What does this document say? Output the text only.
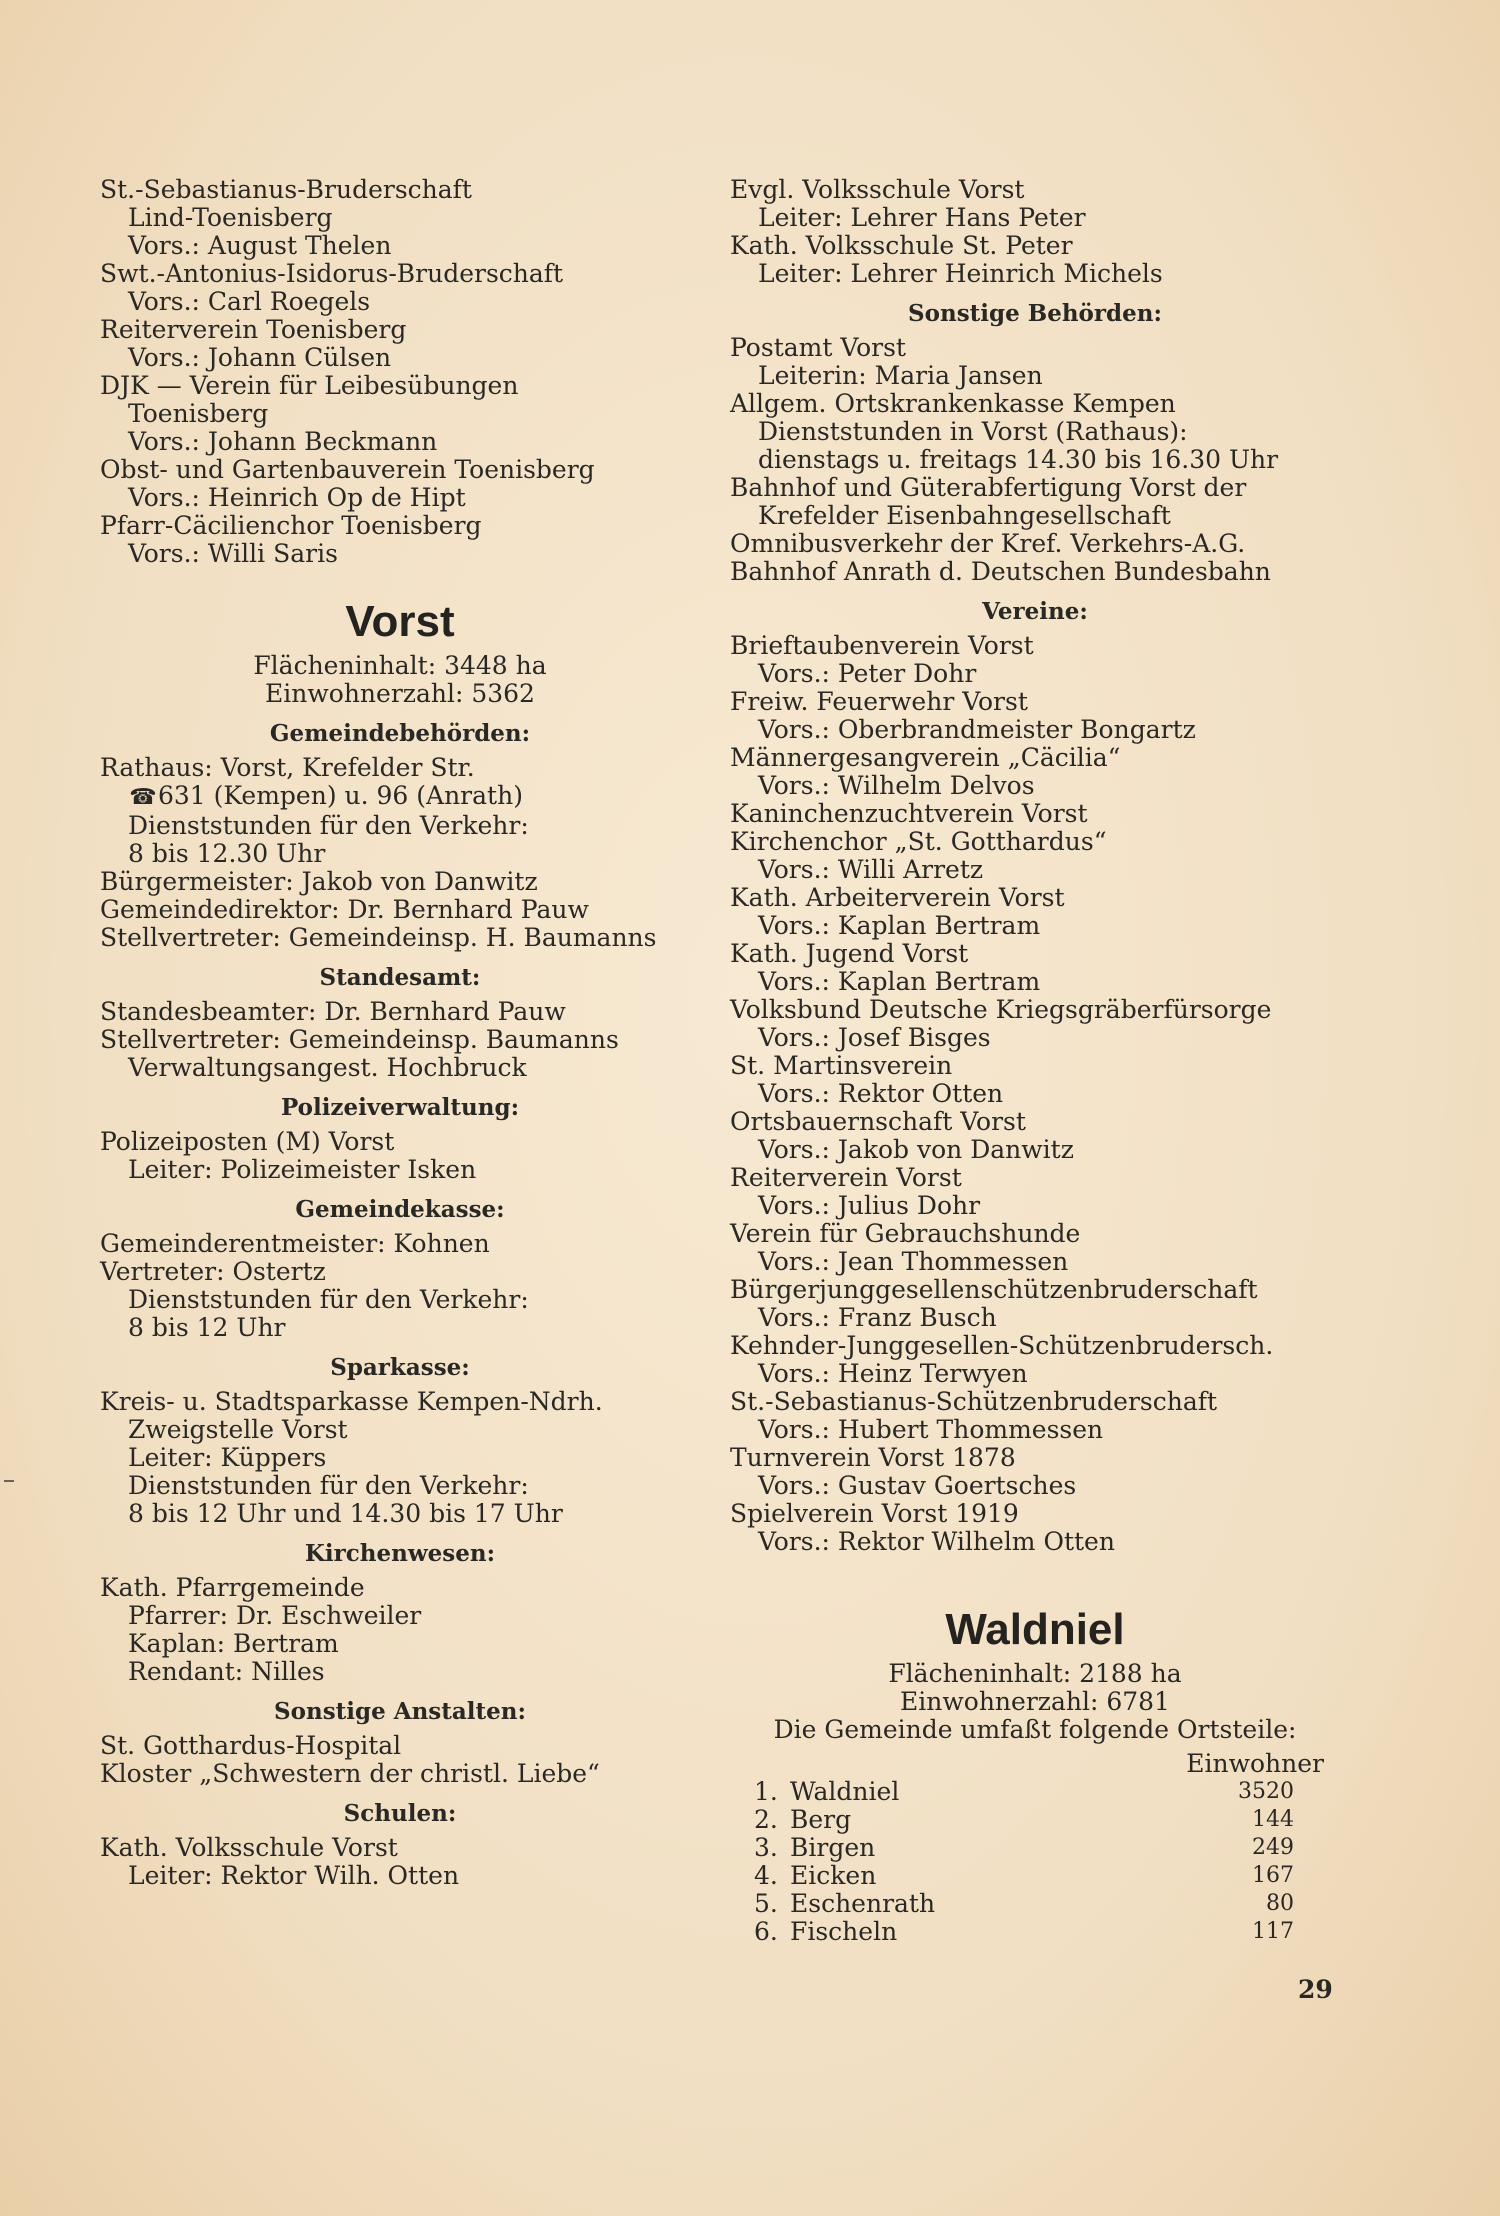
St.-Sebastianus-Bruderschaft
Lind-Toenisberg
Vors.: August Thelen
Swt.-Antonius-Isidorus-Bruderschaft
Vors.: Carl Roegels
Reiterverein Toenisberg
Vors.: Johann Cülsen
DJK — Verein für Leibesübungen
Toenisberg
Vors.: Johann Beckmann
Obst- und Gartenbauverein Toenisberg
Vors.: Heinrich Op de Hipt
Pfarr-Cäcilienchor Toenisberg
Vors.: Willi Saris
Vorst
Flächeninhalt: 3448 ha
Einwohnerzahl: 5362
Gemeindebehörden:
Rathaus: Vorst, Krefelder Str.
☎631 (Kempen) u. 96 (Anrath)
Dienststunden für den Verkehr:
8 bis 12.30 Uhr
Bürgermeister: Jakob von Danwitz
Gemeindedirektor: Dr. Bernhard Pauw
Stellvertreter: Gemeindeinsp. H. Baumanns
Standesamt:
Standesbeamter: Dr. Bernhard Pauw
Stellvertreter: Gemeindeinsp. Baumanns
Verwaltungsangest. Hochbruck
Polizeiverwaltung:
Polizeiposten (M) Vorst
Leiter: Polizeimeister Isken
Gemeindekasse:
Gemeinderentmeister: Kohnen
Vertreter: Ostertz
Dienststunden für den Verkehr:
8 bis 12 Uhr
Sparkasse:
Kreis- u. Stadtsparkasse Kempen-Ndrh.
Zweigstelle Vorst
Leiter: Küppers
Dienststunden für den Verkehr:
8 bis 12 Uhr und 14.30 bis 17 Uhr
Kirchenwesen:
Kath. Pfarrgemeinde
Pfarrer: Dr. Eschweiler
Kaplan: Bertram
Rendant: Nilles
Sonstige Anstalten:
St. Gotthardus-Hospital
Kloster „Schwestern der christl. Liebe“
Schulen:
Kath. Volksschule Vorst
Leiter: Rektor Wilh. Otten
Evgl. Volksschule Vorst
Leiter: Lehrer Hans Peter
Kath. Volksschule St. Peter
Leiter: Lehrer Heinrich Michels
Sonstige Behörden:
Postamt Vorst
Leiterin: Maria Jansen
Allgem. Ortskrankenkasse Kempen
Dienststunden in Vorst (Rathaus):
dienstags u. freitags 14.30 bis 16.30 Uhr
Bahnhof und Güterabfertigung Vorst der
Krefelder Eisenbahngesellschaft
Omnibusverkehr der Kref. Verkehrs-A.G.
Bahnhof Anrath d. Deutschen Bundesbahn
Vereine:
Brieftaubenverein Vorst
Vors.: Peter Dohr
Freiw. Feuerwehr Vorst
Vors.: Oberbrandmeister Bongartz
Männergesangverein „Cäcilia“
Vors.: Wilhelm Delvos
Kaninchenzuchtverein Vorst
Kirchenchor „St. Gotthardus“
Vors.: Willi Arretz
Kath. Arbeiterverein Vorst
Vors.: Kaplan Bertram
Kath. Jugend Vorst
Vors.: Kaplan Bertram
Volksbund Deutsche Kriegsgräberfürsorge
Vors.: Josef Bisges
St. Martinsverein
Vors.: Rektor Otten
Ortsbauernschaft Vorst
Vors.: Jakob von Danwitz
Reiterverein Vorst
Vors.: Julius Dohr
Verein für Gebrauchshunde
Vors.: Jean Thommessen
Bürgerjunggesellenschützenbruderschaft
Vors.: Franz Busch
Kehnder-Junggesellen-Schützenbrudersch.
Vors.: Heinz Terwyen
St.-Sebastianus-Schützenbruderschaft
Vors.: Hubert Thommessen
Turnverein Vorst 1878
Vors.: Gustav Goertsches
Spielverein Vorst 1919
Vors.: Rektor Wilhelm Otten
Waldniel
Flächeninhalt: 2188 ha
Einwohnerzahl: 6781
Die Gemeinde umfaßt folgende Ortsteile:
Einwohner
1. Waldniel	3520
2. Berg	144
3. Birgen	249
4. Eicken	167
5. Eschenrath	80
6. Fischeln	117
29
